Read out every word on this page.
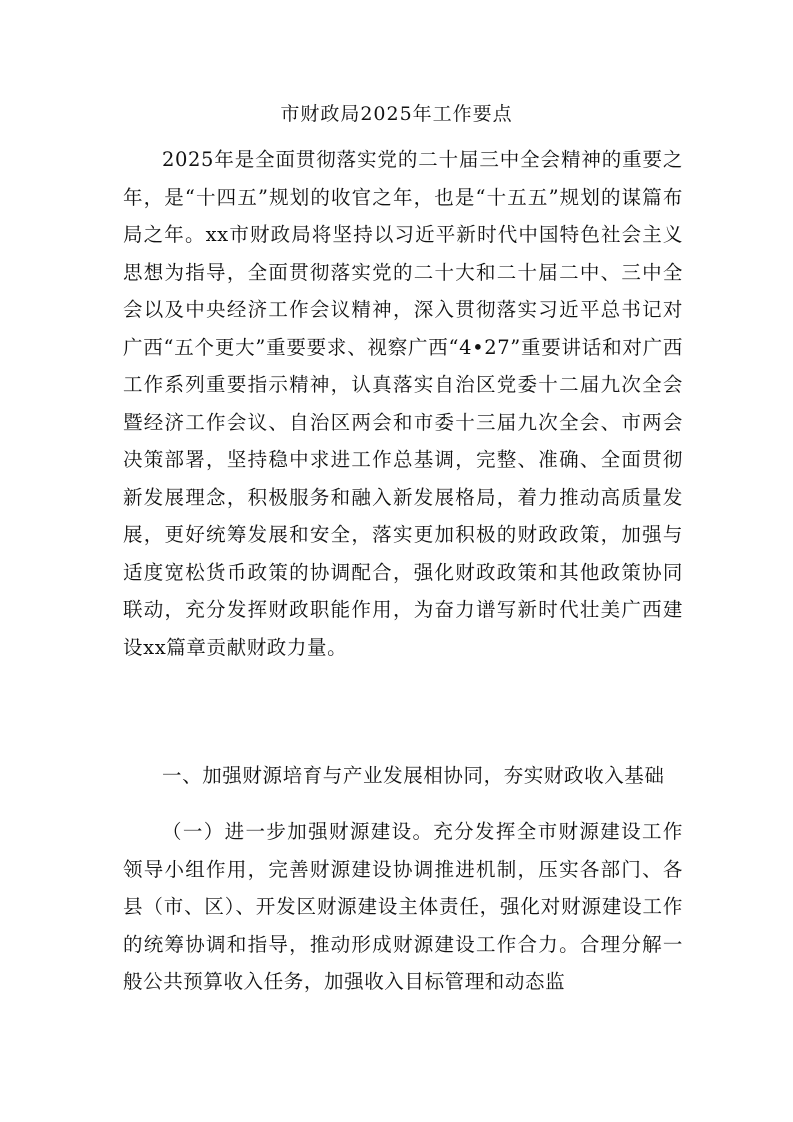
市财政局2025年工作要点
2025年是全面贯彻落实党的二十届三中全会精神的重要之年，是“十四五”规划的收官之年，也是“十五五”规划的谋篇布局之年。xx市财政局将坚持以习近平新时代中国特色社会主义思想为指导，全面贯彻落实党的二十大和二十届二中、三中全会以及中央经济工作会议精神，深入贯彻落实习近平总书记对广西“五个更大”重要要求、视察广西“4•27”重要讲话和对广西工作系列重要指示精神，认真落实自治区党委十二届九次全会暨经济工作会议、自治区两会和市委十三届九次全会、市两会决策部署，坚持稳中求进工作总基调，完整、准确、全面贯彻新发展理念，积极服务和融入新发展格局，着力推动高质量发展，更好统筹发展和安全，落实更加积极的财政政策，加强与适度宽松货币政策的协调配合，强化财政政策和其他政策协同联动，充分发挥财政职能作用，为奋力谱写新时代壮美广西建设xx篇章贡献财政力量。
一、加强财源培育与产业发展相协同，夯实财政收入基础
（一）进一步加强财源建设。充分发挥全市财源建设工作领导小组作用，完善财源建设协调推进机制，压实各部门、各县（市、区）、开发区财源建设主体责任，强化对财源建设工作的统筹协调和指导，推动形成财源建设工作合力。合理分解一般公共预算收入任务，加强收入目标管理和动态监
